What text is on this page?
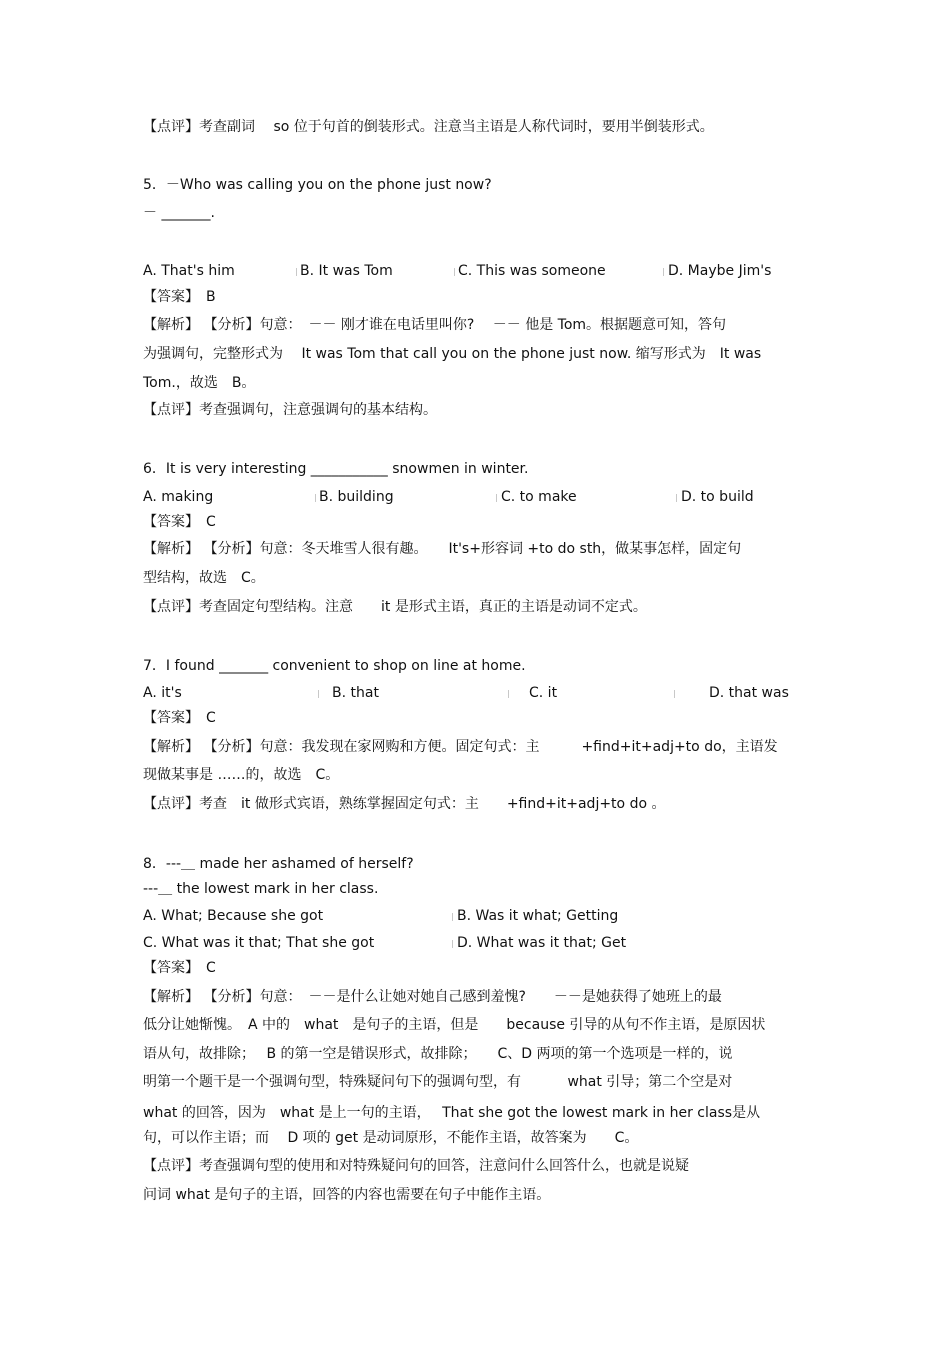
【点评】考查副词　 so 位于句首的倒装形式。注意当主语是人称代词时，要用半倒装形式。
5．－Who was calling you on the phone just now?
－ _______.
A. That's him	B. It was Tom	C. This was someone	D. Maybe Jim's
【答案】　B
【解析】 【分析】句意：　－－ 刚才谁在电话里叫你?　 －－ 他是 Tom。根据题意可知，答句
为强调句，完整形式为　 It was Tom that call you on the phone just now. 缩写形式为　It was
Tom.，故选　B。
【点评】考查强调句，注意强调句的基本结构。
6．It is very interesting ___________ snowmen in winter.
A. making	B. building	C. to make	D. to build
【答案】　C
【解析】 【分析】句意：冬天堆雪人很有趣。　　It's+形容词 +to do sth，做某事怎样，固定句
型结构，故选　C。
【点评】考查固定句型结构。注意　　it 是形式主语，真正的主语是动词不定式。
7．I found _______ convenient to shop on line at home.
A. it's	B. that	C. it	D. that was
【答案】　C
【解析】 【分析】句意：我发现在家网购和方便。固定句式：主　　　+find+it+adj+to do，主语发
现做某事是 ……的，故选　C。
【点评】考查　it 做形式宾语，熟练掌握固定句式：主　　+find+it+adj+to do 。
8．---＿ made her ashamed of herself?
---＿ the lowest mark in her class.
A. What; Because she got	B. Was it what; Getting
C. What was it that; That she got	D. What was it that; Get
【答案】　C
【解析】 【分析】句意：　－－是什么让她对她自己感到羞愧?　　－－是她获得了她班上的最
低分让她惭愧。　A 中的　what　是句子的主语，但是　　because 引导的从句不作主语，是原因状
语从句，故排除；　 B 的第一空是错误形式，故排除；　　C、D 两项的第一个选项是一样的，说
明第一个题干是一个强调句型，特殊疑问句下的强调句型，有　　　 what 引导；第二个空是对
what 的回答，因为　what 是上一句的主语，　 That she got the lowest mark in her class是从
句，可以作主语；而　 D 项的 get 是动词原形，不能作主语，故答案为　　C。
【点评】考查强调句型的使用和对特殊疑问句的回答，注意问什么回答什么，也就是说疑
问词 what 是句子的主语，回答的内容也需要在句子中能作主语。
